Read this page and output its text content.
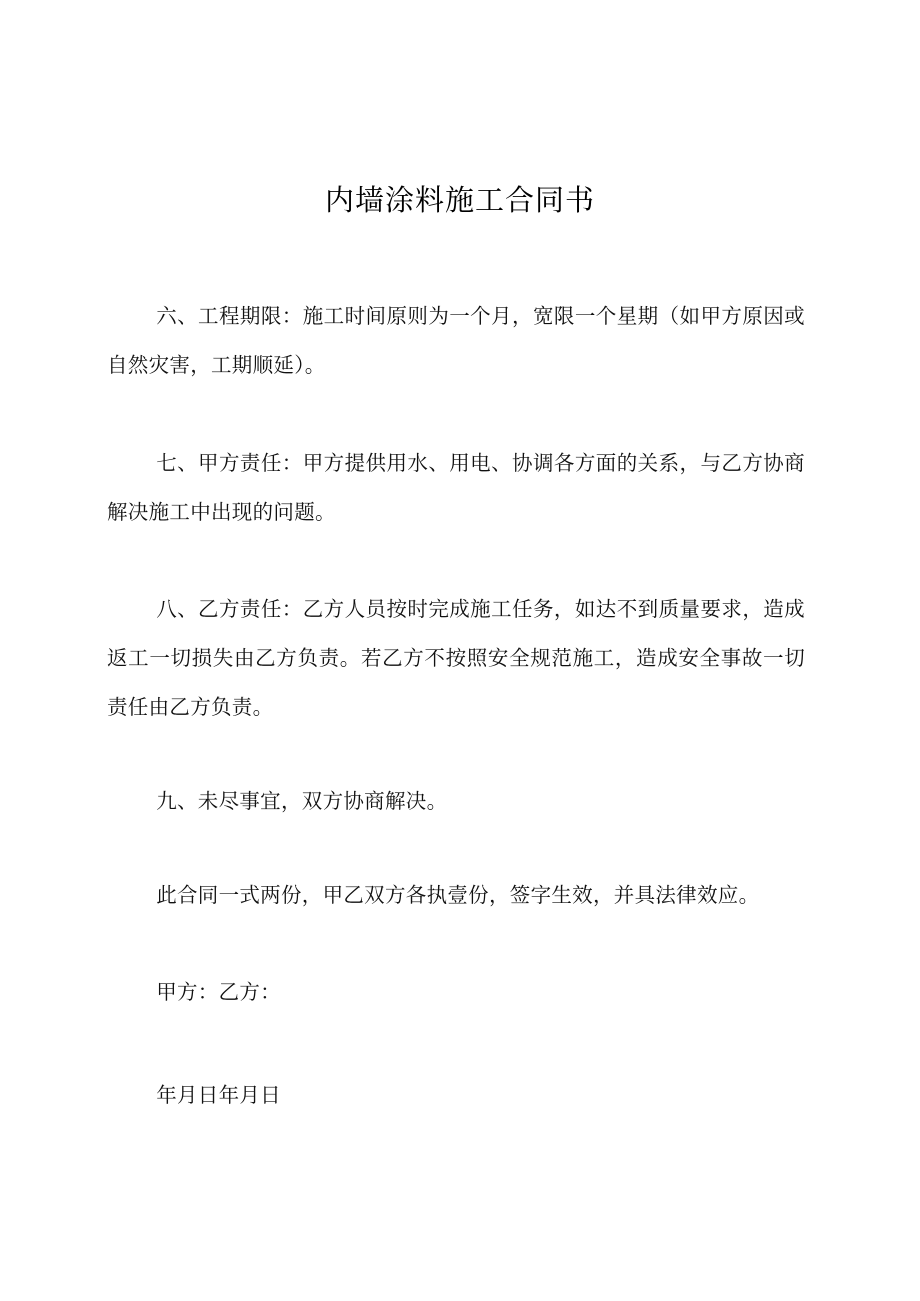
内墙涂料施工合同书

六、工程期限：施工时间原则为一个月，宽限一个星期（如甲方原因或自然灾害，工期顺延）。

七、甲方责任：甲方提供用水、用电、协调各方面的关系，与乙方协商解决施工中出现的问题。

八、乙方责任：乙方人员按时完成施工任务，如达不到质量要求，造成返工一切损失由乙方负责。若乙方不按照安全规范施工，造成安全事故一切责任由乙方负责。

九、未尽事宜，双方协商解决。

此合同一式两份，甲乙双方各执壹份，签字生效，并具法律效应。

甲方：乙方：

年月日年月日
